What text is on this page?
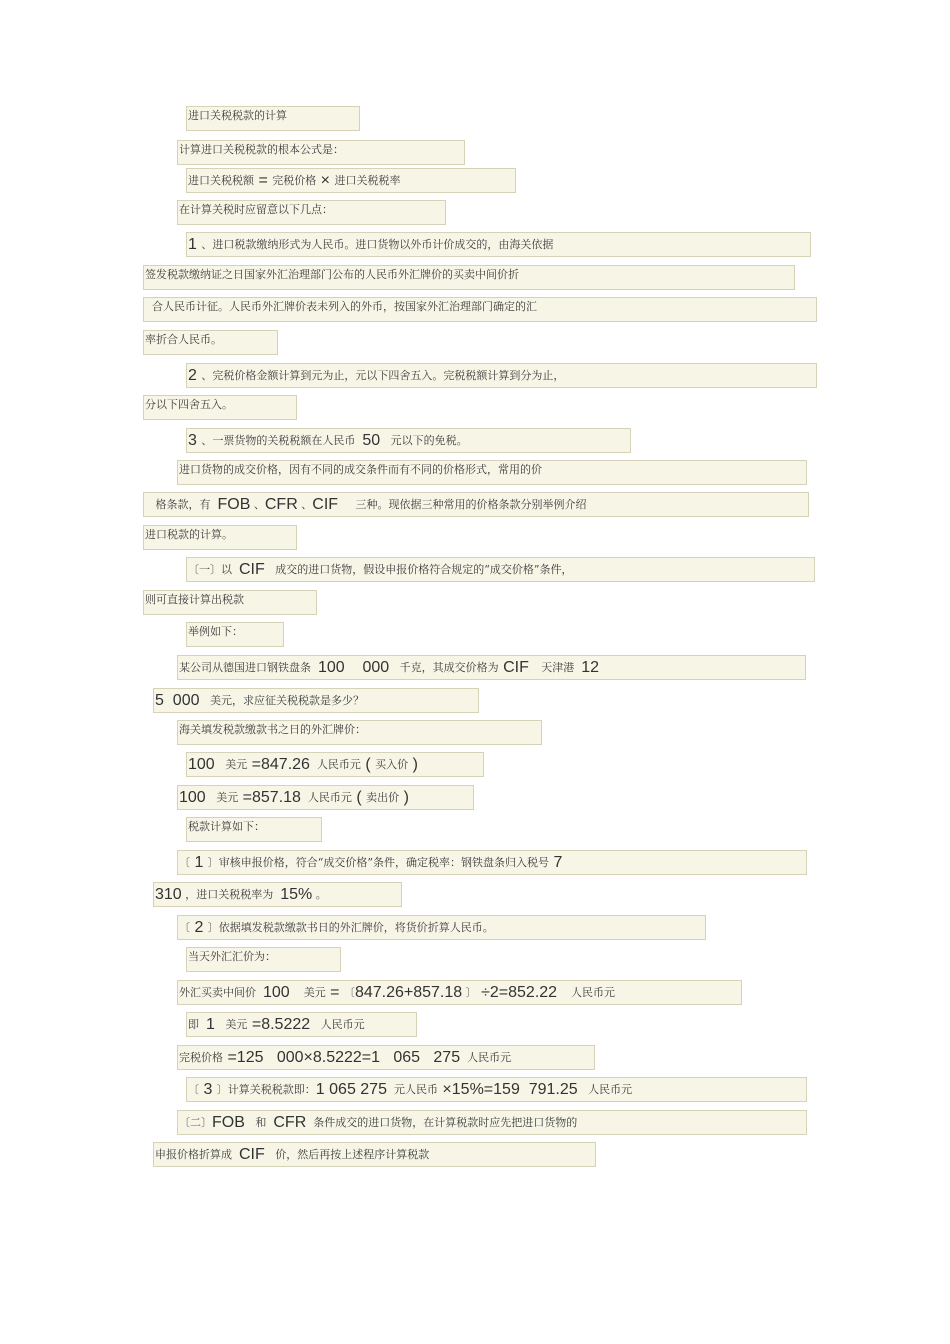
进口关税税款的计算
计算进口关税税款的根本公式是：
进口关税税额 = 完税价格 × 进口关税税率
在计算关税时应留意以下几点：
1 、进口税款缴纳形式为人民币。进口货物以外币计价成交的，由海关依据
签发税款缴纳证之日国家外汇治理部门公布的人民币外汇牌价的买卖中间价折
合人民币计征。人民币外汇牌价表未列入的外币，按国家外汇治理部门确定的汇
率折合人民币。
2 、完税价格金额计算到元为止，元以下四舍五入。完税税额计算到分为止，
分以下四舍五入。
3 、一票货物的关税税额在人民币 50 元以下的免税。
进口货物的成交价格，因有不同的成交条件而有不同的价格形式，常用的价
格条款，有 FOB 、 CFR 、 CIF 三种。现依据三种常用的价格条款分别举例介绍
进口税款的计算。
〔一〕以 CIF 成交的进口货物，假设申报价格符合规定的“成交价格”条件，
则可直接计算出税款
举例如下：
某公司从德国进口钢铁盘条 100    000 千克，其成交价格为 CIF 天津港 12
5  000 美元，求应征关税税款是多少？
海关填发税款缴款书之日的外汇牌价：
100 美元 =847.26 人民币元 ( 买入价 )
100 美元 =857.18 人民币元 ( 卖出价 )
税款计算如下：
〔 1 〕审核申报价格，符合“成交价格”条件，确定税率：钢铁盘条归入税号 7
310 ，进口关税税率为 15% 。
〔 2 〕依据填发税款缴款书日的外汇牌价，将货价折算人民币。
当天外汇汇价为：
外汇买卖中间价 100 美元 = 〔 847.26+857.18 〕 ÷2=852.22 人民币元
即 1 美元 =8.5222 人民币元
完税价格 =125   000×8.5222=1   065   275 人民币元
〔 3 〕计算关税税款即： 1 065 275 元人民币 ×15%=159  791.25 人民币元
〔二〕 FOB 和 CFR 条件成交的进口货物，在计算税款时应先把进口货物的
申报价格折算成 CIF 价，然后再按上述程序计算税款
